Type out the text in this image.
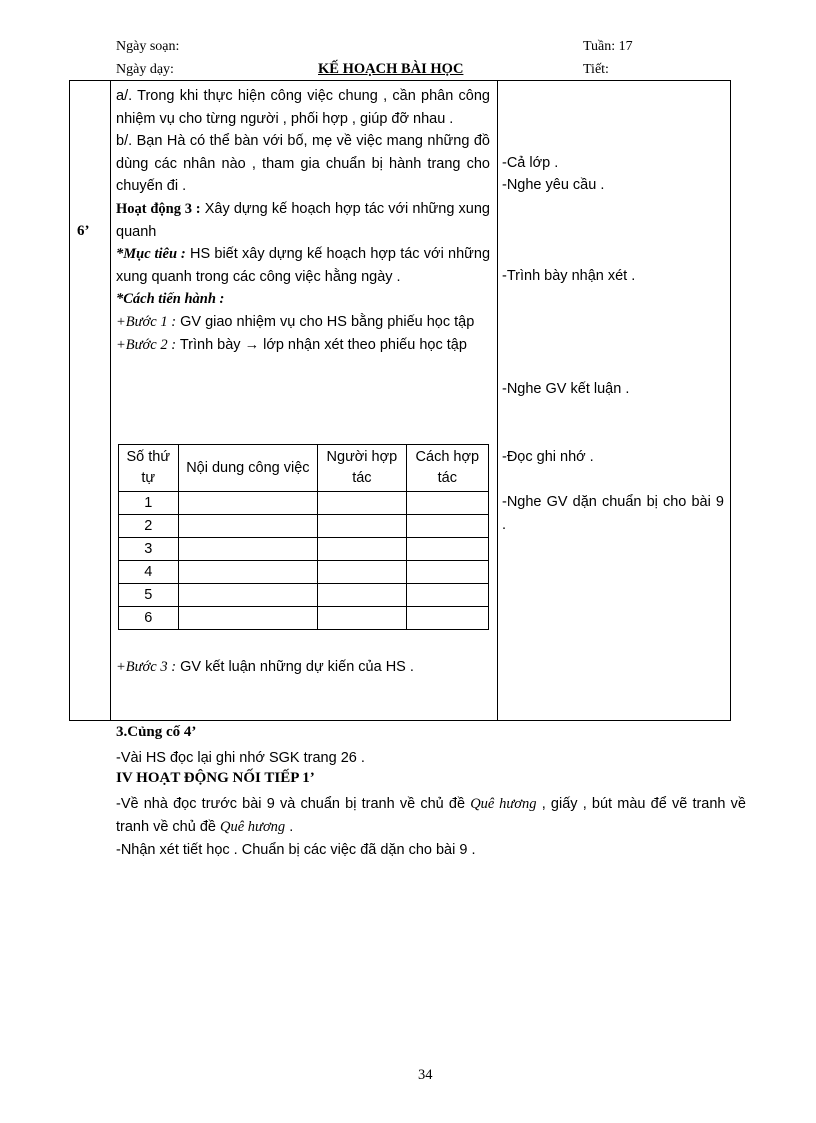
Ngày soạn:	Tuần: 17
Ngày dạy:	KẾ HOẠCH BÀI HỌC	Tiết:
6’

a/. Trong khi thực hiện công việc chung , cần phân công nhiệm vụ cho từng người , phối hợp , giúp đỡ nhau .

b/. Bạn Hà có thể bàn với bố, mẹ về việc mang những đồ dùng các nhân nào , tham gia chuẩn bị hành trang cho chuyến đi .

Hoạt động 3 : Xây dựng kế hoạch hợp tác với những xung quanh

*Mục tiêu : HS biết xây dựng kế hoạch hợp tác với những xung quanh trong các công việc hằng ngày .

*Cách tiến hành :

+Bước 1 : GV giao nhiệm vụ cho HS bằng phiếu học tập

+Bước 2 : Trình bày → lớp nhận xét theo phiếu học tập

Số thứ tự	Nội dung công việc	Người hợp tác	Cách hợp tác
1			
2			
3			
4			
5			
6			
+Bước 3 : GV kết luận những dự kiến của HS .
-Cả lớp .
-Nghe yêu cầu .
-Trình bày nhận xét .
-Nghe GV kết luận .
-Đọc ghi nhớ .
-Nghe GV dặn chuẩn bị cho bài 9 .
3.Củng cố 4’
-Vài HS đọc lại ghi nhớ SGK trang 26 .
IV HOẠT ĐỘNG NỐI TIẾP 1’
-Về nhà đọc trước bài 9 và chuẩn bị tranh về chủ đề Quê hương , giấy , bút màu để vẽ tranh về tranh về chủ đề Quê hương .
-Nhận xét tiết học . Chuẩn bị các việc đã dặn cho bài 9 .
34
